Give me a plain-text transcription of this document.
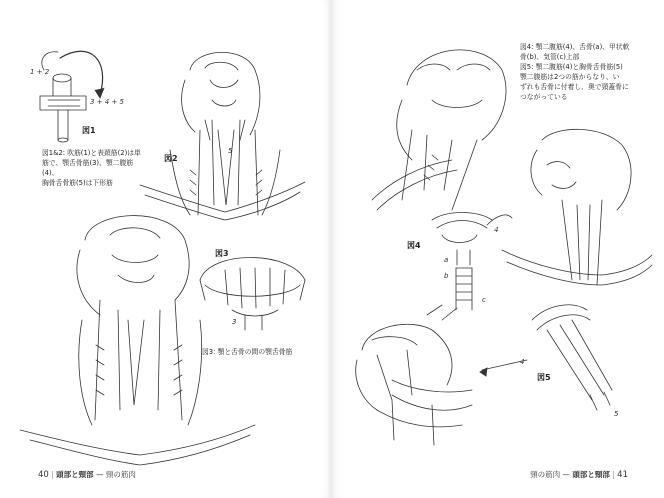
1 + 2
3 + 4 + 5
図1

図1&2: 吹筋(1)と表頚筋(2)は単

筋で、顎舌骨筋(3)、顎二腹筋(4)、

胸骨舌骨筋(5)は下形筋

図2
図3
5
3
図3: 顎と舌骨の間の顎舌骨筋
40 | 頭部と頸部 — 頸の筋肉

図4: 顎二腹筋(4)、舌骨(a)、甲状軟

骨(b)、気管(c)上部

図5: 顎二腹筋(4)と胸骨舌骨筋(5)

顎二腹筋は2つの筋からなり、い

ずれも舌骨に付着し、奥で頸蓋骨に

つながっている

図4
図5
4
a
b
c
4
5
頸の筋肉 — 頭部と頸部 | 41
